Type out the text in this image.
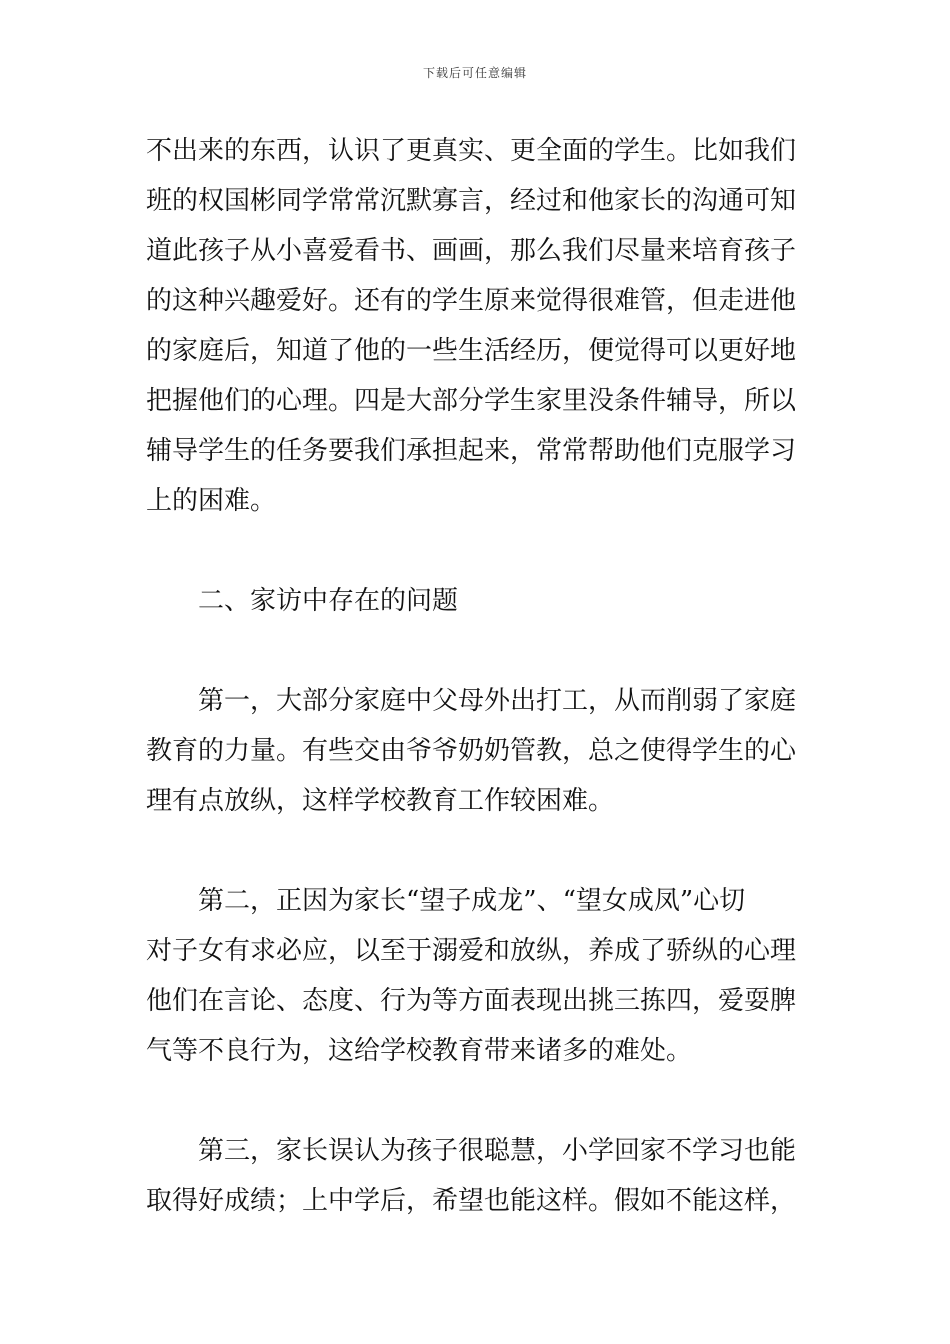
下载后可任意编辑
不出来的东西，认识了更真实、更全面的学生。比如我们
班的权国彬同学常常沉默寡言，经过和他家长的沟通可知
道此孩子从小喜爱看书、画画，那么我们尽量来培育孩子
的这种兴趣爱好。还有的学生原来觉得很难管，但走进他
的家庭后，知道了他的一些生活经历，便觉得可以更好地
把握他们的心理。四是大部分学生家里没条件辅导，所以
辅导学生的任务要我们承担起来，常常帮助他们克服学习
上的困难。
　　二、家访中存在的问题
　　第一，大部分家庭中父母外出打工，从而削弱了家庭
教育的力量。有些交由爷爷奶奶管教，总之使得学生的心
理有点放纵，这样学校教育工作较困难。
　　第二，正因为家长“望子成龙”、“望女成凤”心切
对子女有求必应，以至于溺爱和放纵，养成了骄纵的心理
他们在言论、态度、行为等方面表现出挑三拣四，爱耍脾
气等不良行为，这给学校教育带来诸多的难处。
　　第三，家长误认为孩子很聪慧，小学回家不学习也能
取得好成绩；上中学后，希望也能这样。假如不能这样，
